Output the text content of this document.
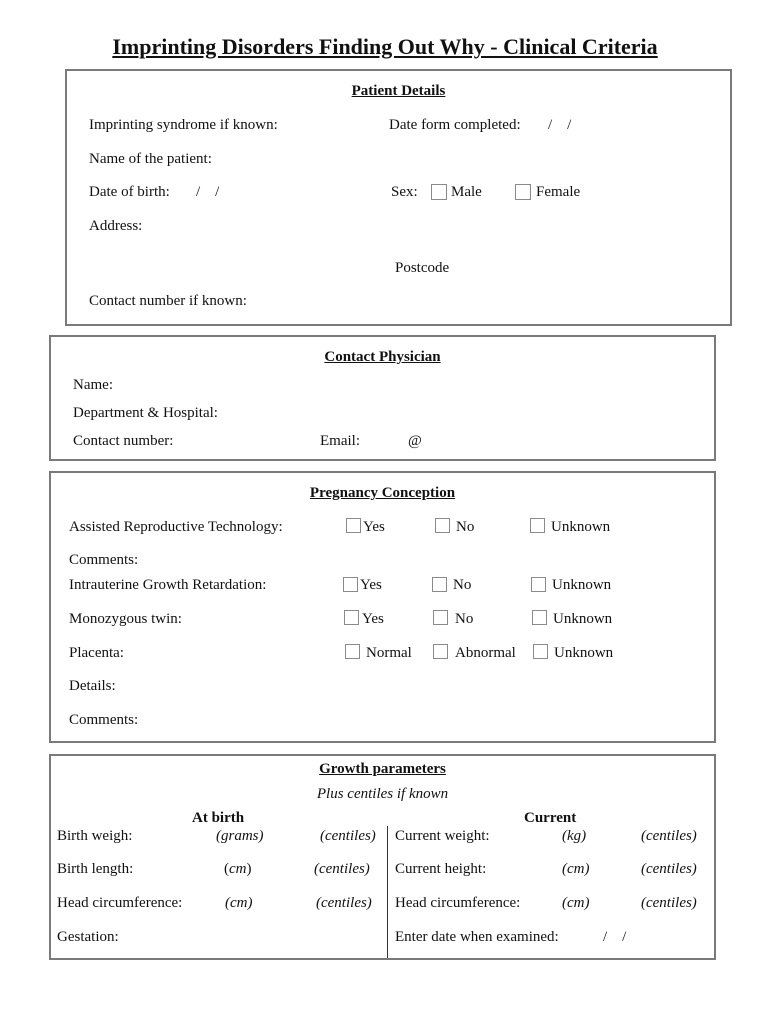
Imprinting Disorders Finding Out Why - Clinical Criteria
Patient Details
Imprinting syndrome if known:	Date form completed: /    /
Name of the patient:
Date of birth: /    /	Sex: Male	Female
Address:
Postcode
Contact number if known:
Contact Physician
Name:
Department & Hospital:
Contact number:	Email:	@
Pregnancy Conception
Assisted Reproductive Technology:	Yes	No	Unknown
Comments:
Intrauterine Growth Retardation:	Yes	No	Unknown
Monozygous twin:	Yes	No	Unknown
Placenta:	Normal	Abnormal	Unknown
Details:
Comments:
Growth parameters
Plus centiles if known
At birth	Current
Birth weigh:	(grams)	(centiles)
Birth length:	(cm)	(centiles)
Head circumference:	(cm)	(centiles)
Gestation:
Current weight:	(kg)	(centiles)
Current height:	(cm)	(centiles)
Head circumference:	(cm)	(centiles)
Enter date when examined:	/    /
